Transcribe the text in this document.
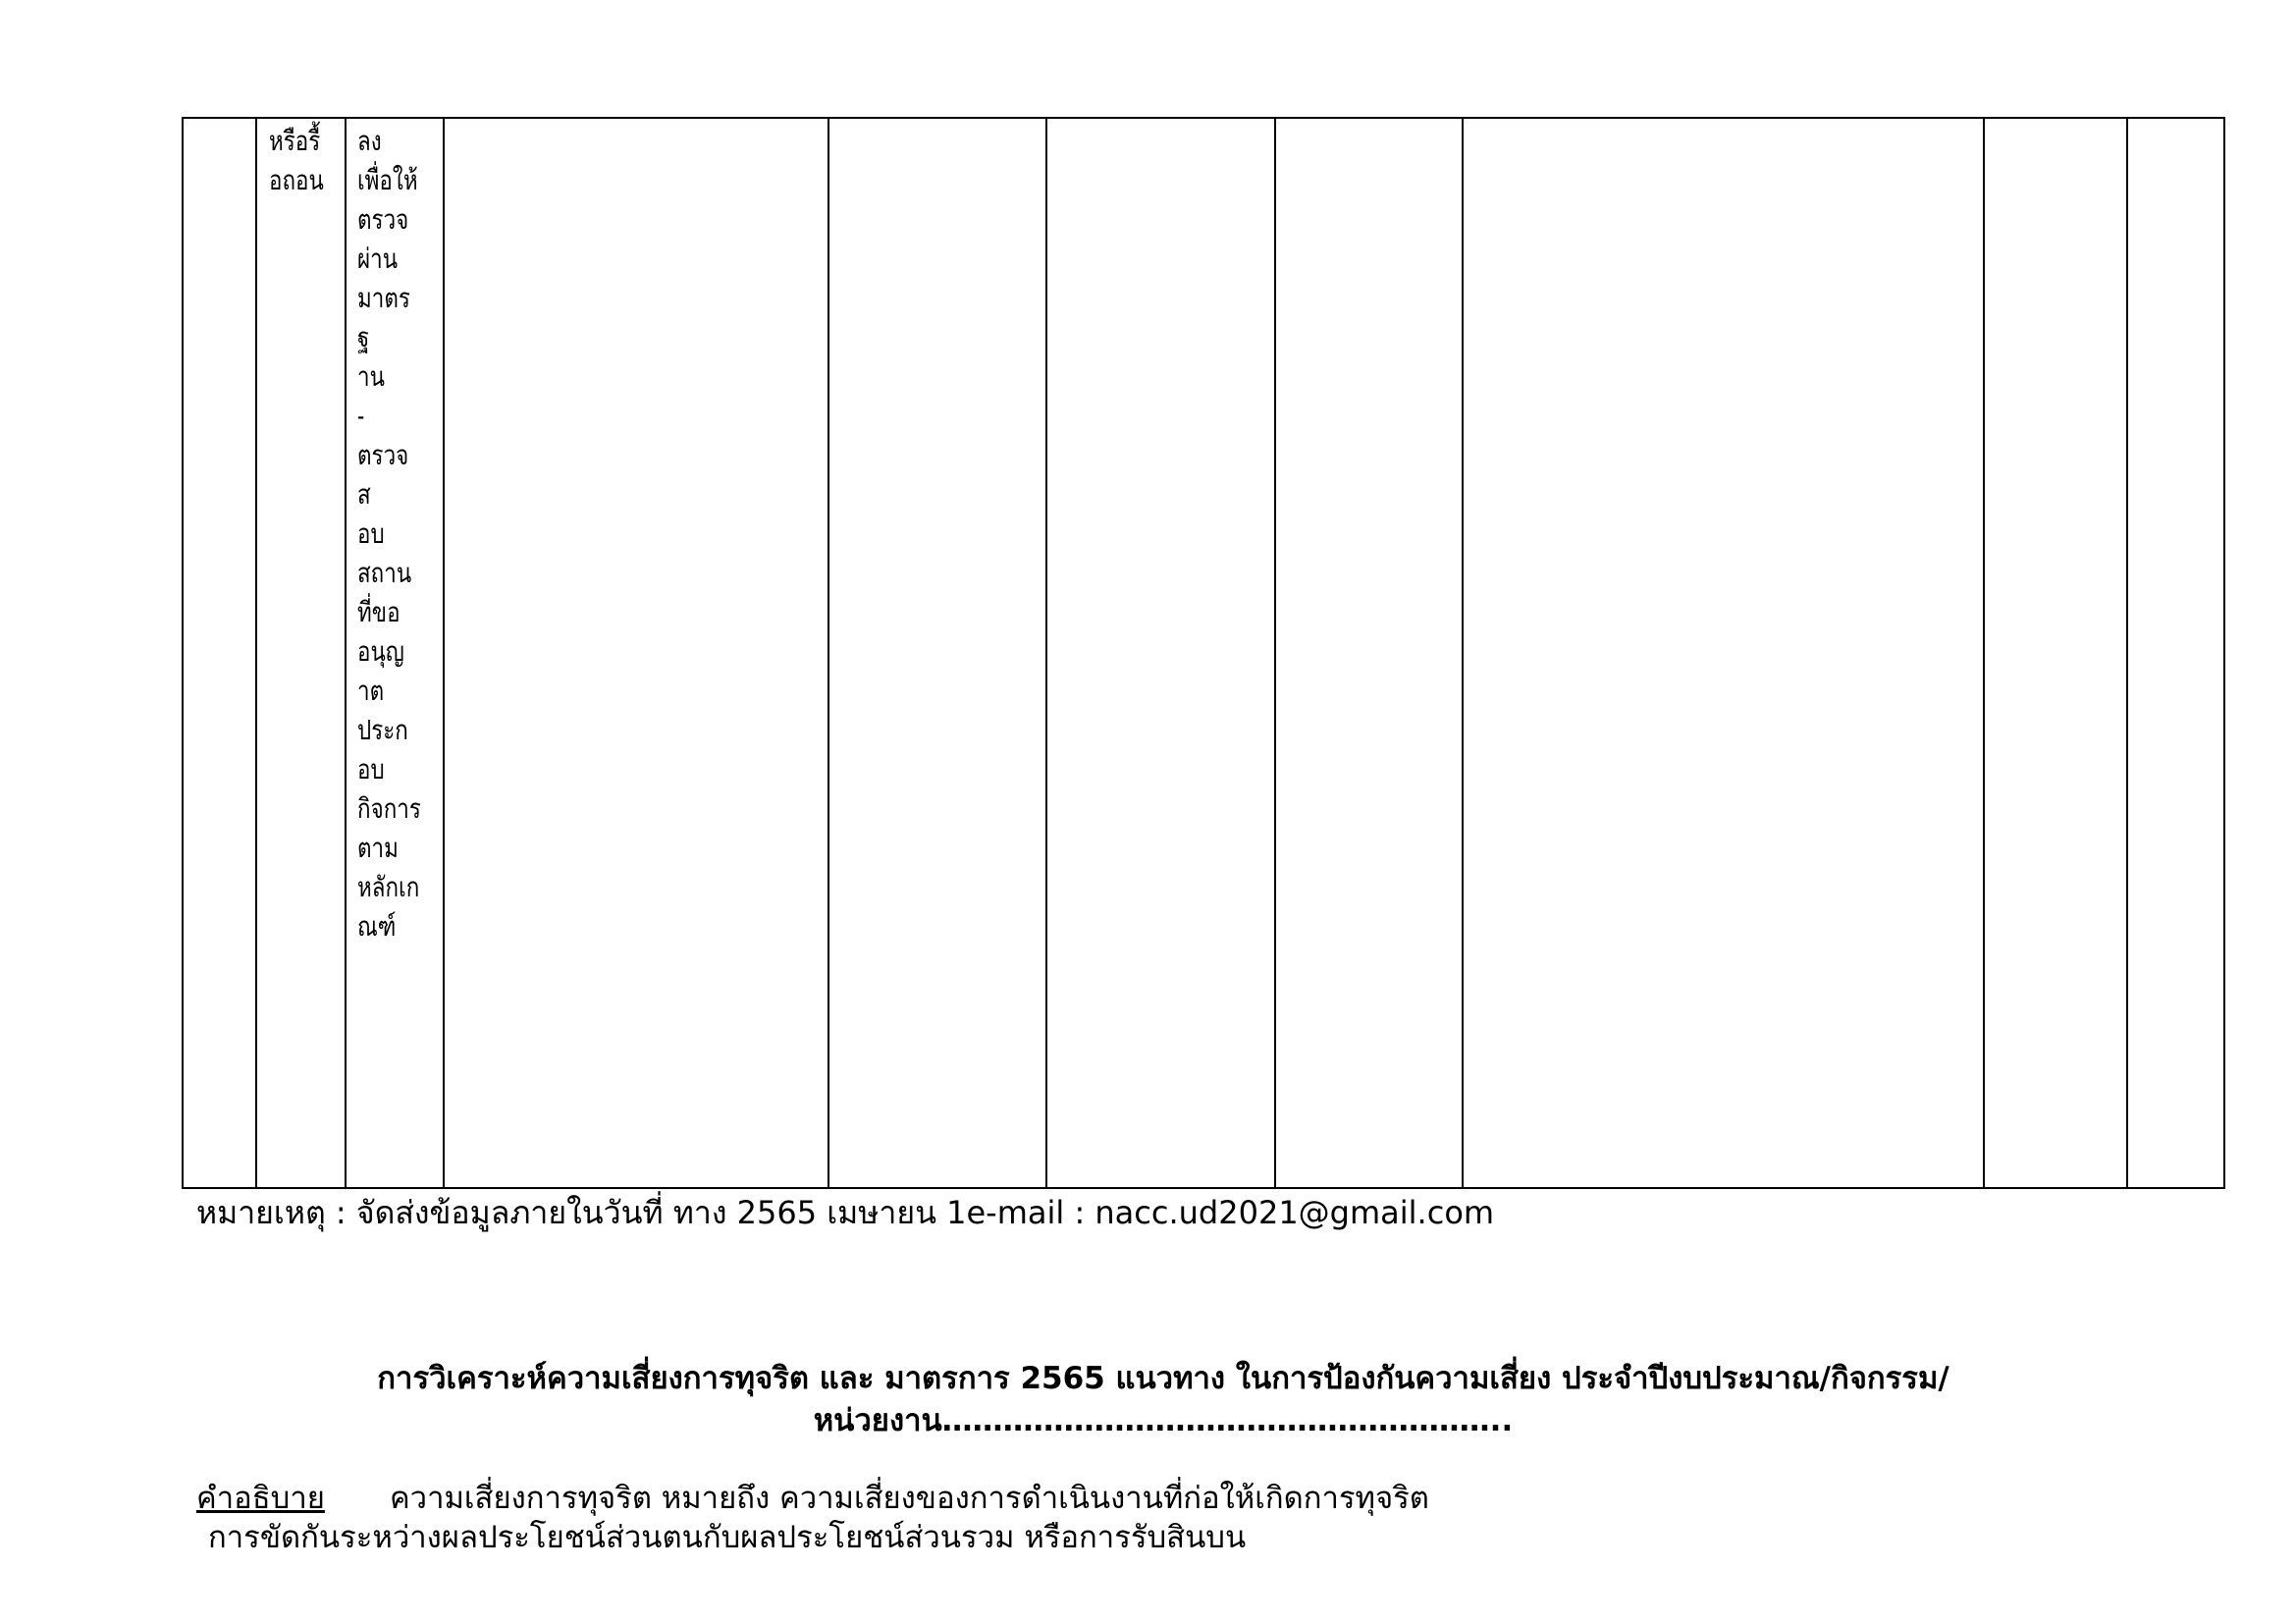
หรือรื้
อถอน

ลง
เพื่อให้
ตรวจ
ผ่าน
มาตรฐ
าน
-
ตรวจส
อบ
สถาน
ที่ขอ
อนุญ
าต
ประก
อบ
กิจการ
ตาม
หลักเก
ณฑ์
หมายเหตุ : จัดส่งข้อมูลภายในวันที่ ทาง 2565 เมษายน 1e-mail : nacc.ud2021@gmail.com
การวิเคราะห์ความเสี่ยงการทุจริต และ มาตรการ 2565 แนวทาง ในการป้องกันความเสี่ยง ประจำปีงบประมาณ/กิจกรรม/
หน่วยงาน………………………………………………..
คำอธิบาย ความเสี่ยงการทุจริต หมายถึง ความเสี่ยงของการดำเนินงานที่ก่อให้เกิดการทุจริต
การขัดกันระหว่างผลประโยชน์ส่วนตนกับผลประโยชน์ส่วนรวม หรือการรับสินบน
